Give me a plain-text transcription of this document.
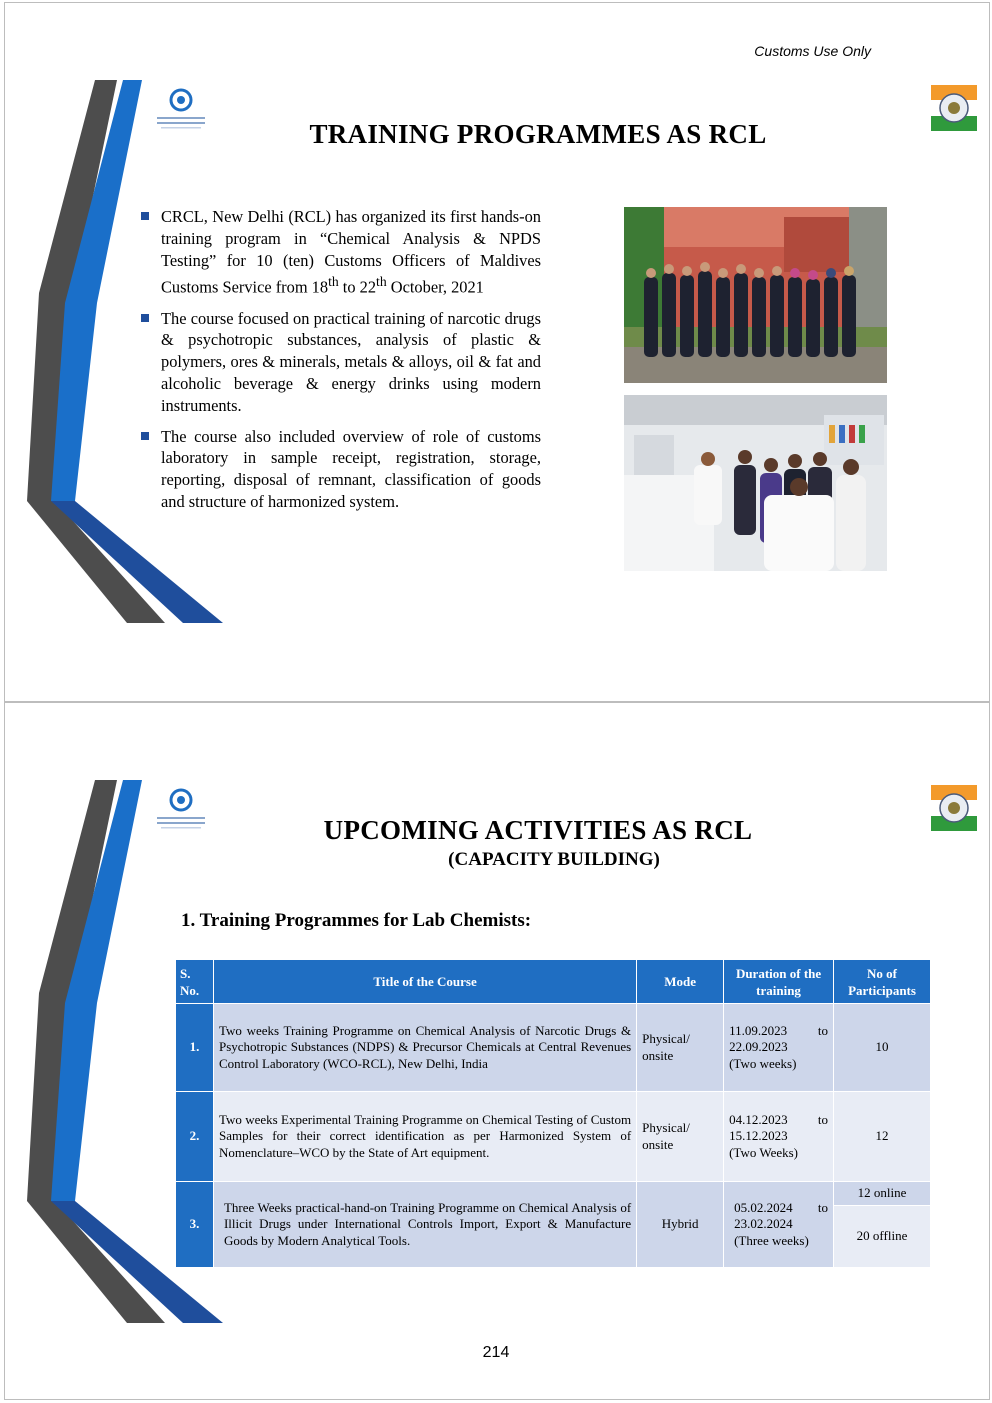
Customs Use Only
TRAINING PROGRAMMES AS RCL
CRCL, New Delhi (RCL) has organized its first hands-on training program in “Chemical Analysis & NPDS Testing” for 10 (ten) Customs Officers of Maldives Customs Service from 18th to 22th October, 2021
The course focused on practical training of narcotic drugs & psychotropic substances, analysis of plastic & polymers, ores & minerals, metals & alloys, oil & fat and alcoholic beverage & energy drinks using modern instruments.
The course also included overview of role of customs laboratory in sample receipt, registration, storage, reporting, disposal of remnant, classification of goods and structure of harmonized system.
UPCOMING ACTIVITIES AS RCL
(CAPACITY BUILDING)
1. Training Programmes for Lab Chemists:
S. No.	Title of the Course	Mode	Duration of the training	No of Participants
1.	Two weeks Training Programme on Chemical Analysis of Narcotic Drugs & Psychotropic Substances (NDPS) & Precursor Chemicals at Central Revenues Control Laboratory (WCO-RCL), New Delhi, India	Physical/ onsite	11.09.2023 to
22.09.2023
(Two weeks)	10
2.	Two weeks Experimental Training Programme on Chemical Testing of Custom Samples for their correct identification as per Harmonized System of Nomenclature–WCO by the State of Art equipment.	Physical/ onsite	04.12.2023 to
15.12.2023
(Two Weeks)	12
3.	Three Weeks practical-hand-on Training Programme on Chemical Analysis of Illicit Drugs under International Controls Import, Export & Manufacture Goods by Modern Analytical Tools.	Hybrid	05.02.2024 to
23.02.2024
(Three weeks)	12 online
				20 offline
214
